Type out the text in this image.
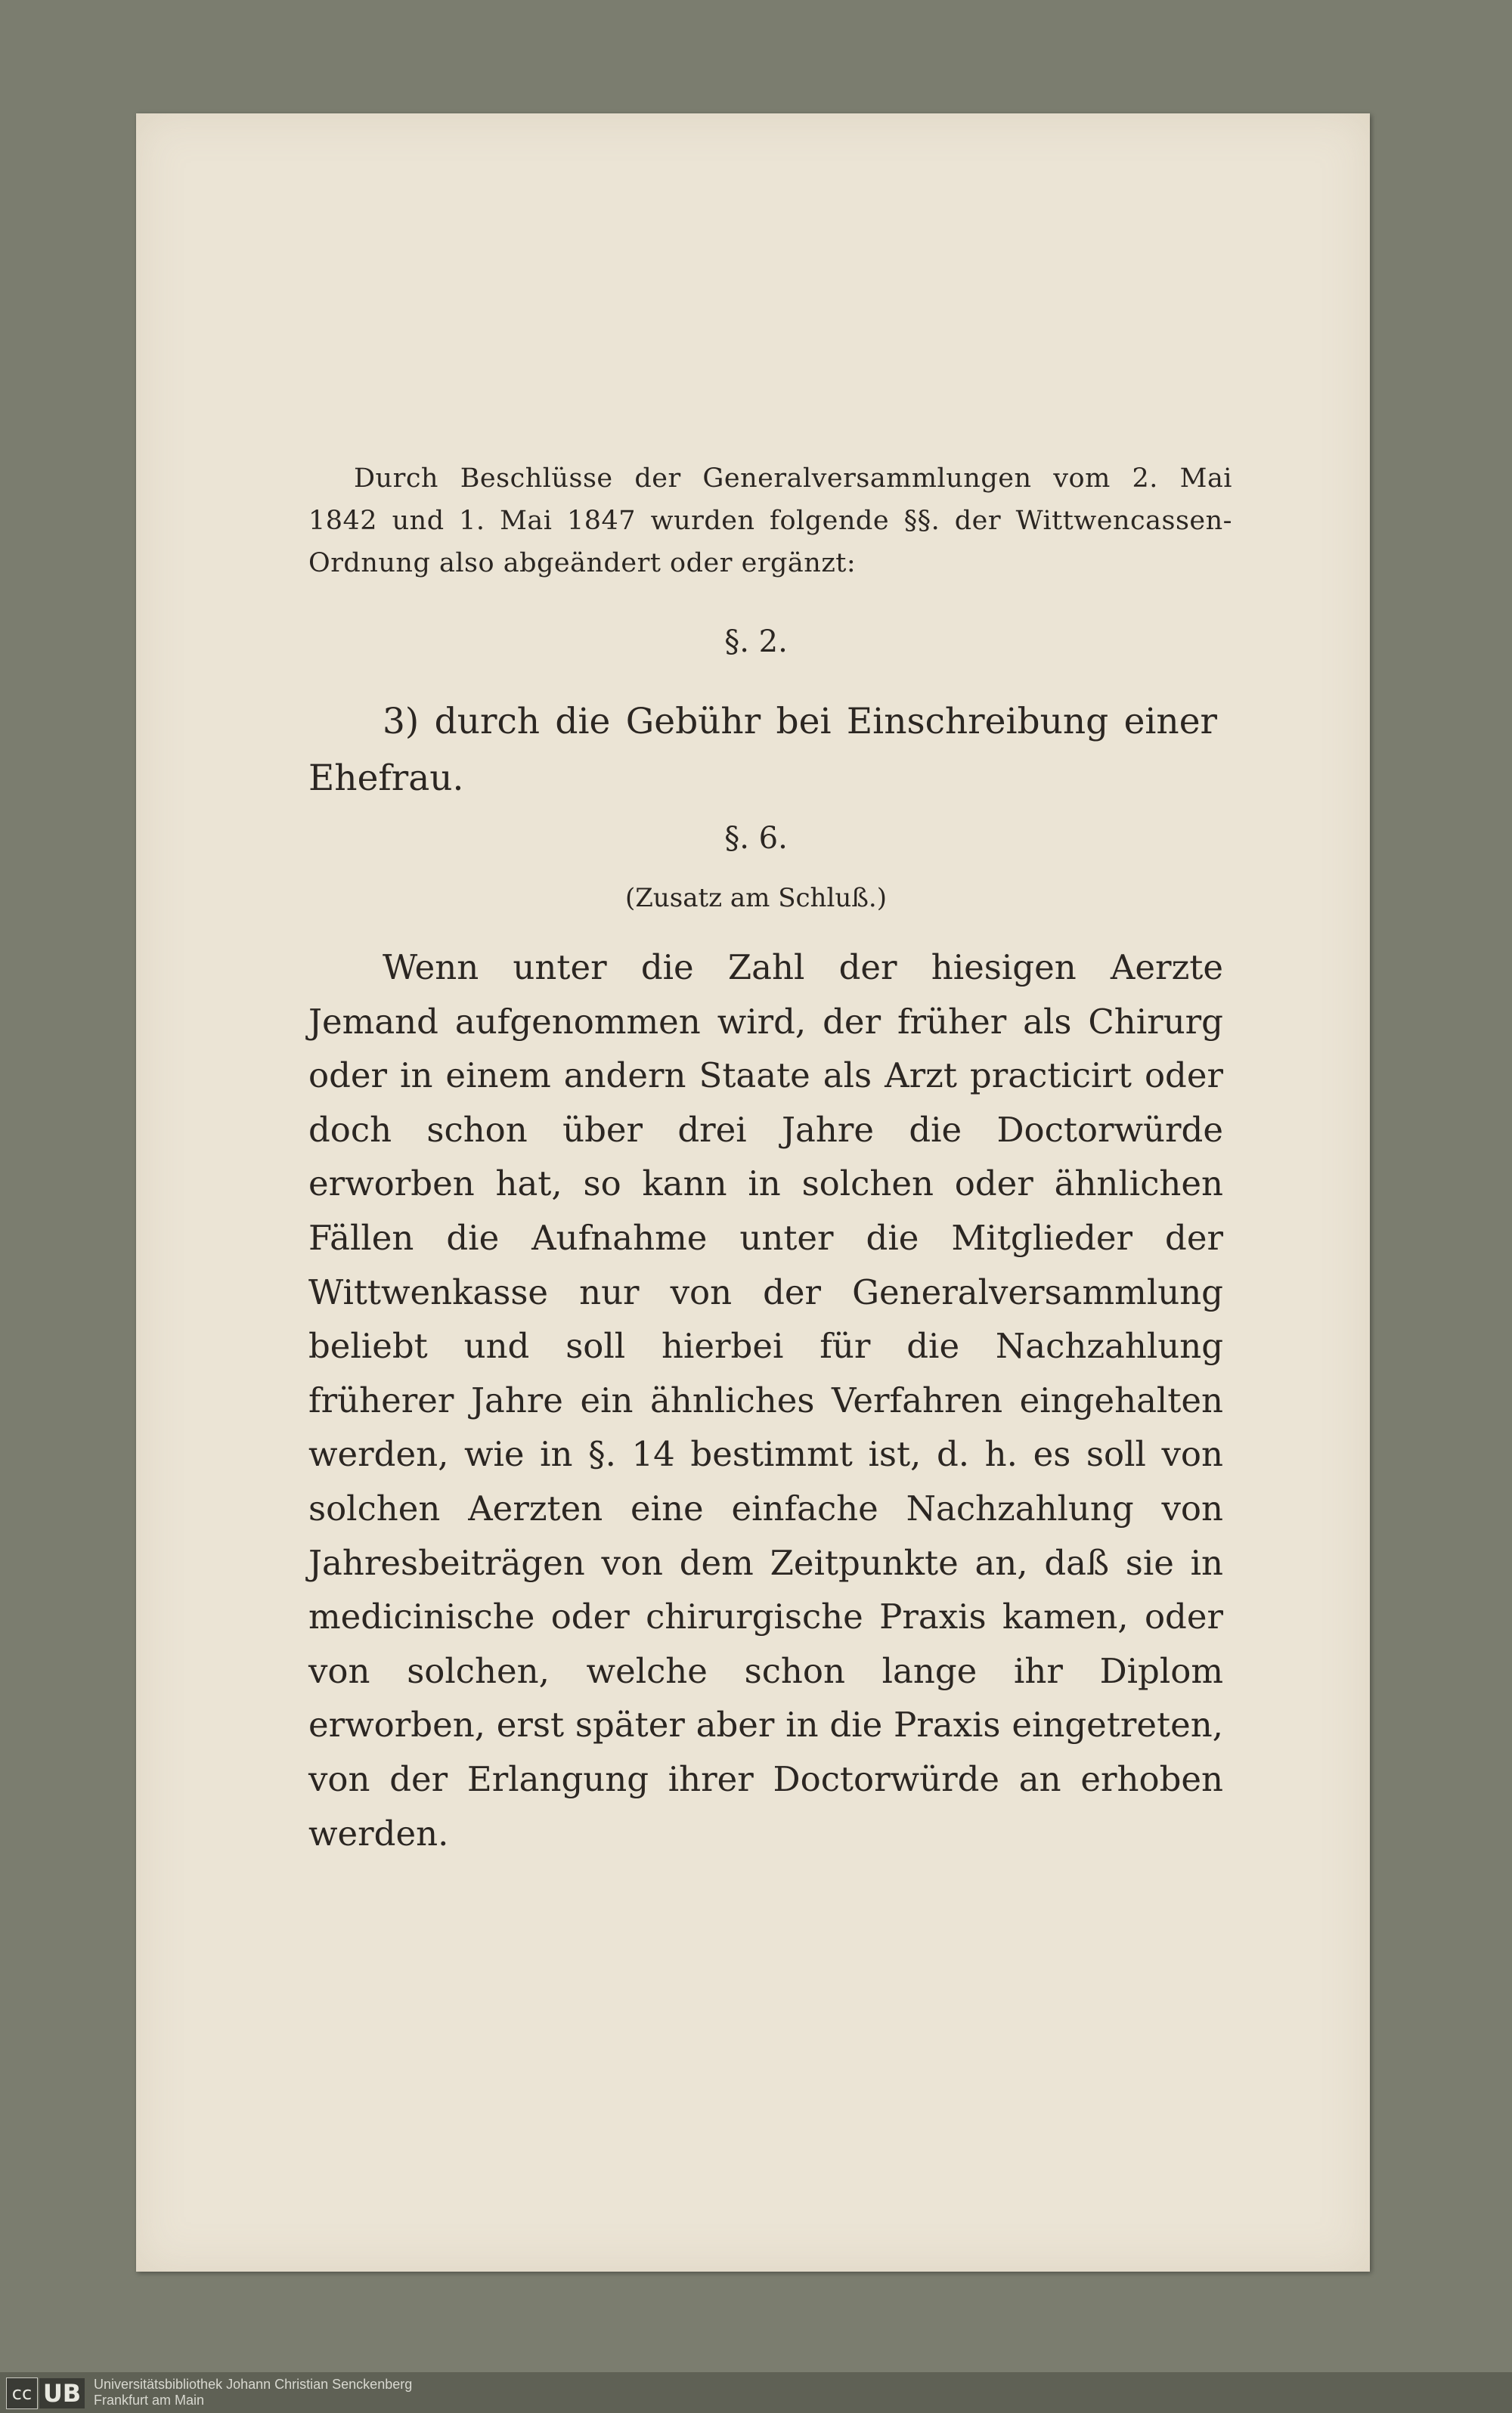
Durch Beschlüsse der Generalversammlungen vom 2. Mai 1842 und 1. Mai 1847 wurden folgende §§. der Wittwencassen-Ordnung also abgeändert oder ergänzt:
§. 2.
3) durch die Gebühr bei Einschreibung einer Ehefrau.
§. 6.
(Zusatz am Schluß.)
Wenn unter die Zahl der hiesigen Aerzte Jemand aufgenommen wird, der früher als Chirurg oder in einem andern Staate als Arzt practicirt oder doch schon über drei Jahre die Doctorwürde erworben hat, so kann in solchen oder ähnlichen Fällen die Aufnahme unter die Mitglieder der Wittwenkasse nur von der Generalversammlung beliebt und soll hierbei für die Nachzahlung früherer Jahre ein ähnliches Verfahren eingehalten werden, wie in §. 14 bestimmt ist, d. h. es soll von solchen Aerzten eine einfache Nachzahlung von Jahresbeiträgen von dem Zeitpunkte an, daß sie in medicinische oder chirurgische Praxis kamen, oder von solchen, welche schon lange ihr Diplom erworben, erst später aber in die Praxis eingetreten, von der Erlangung ihrer Doctorwürde an erhoben werden.
cc UB Universitätsbibliothek Johann Christian Senckenberg
Frankfurt am Main
